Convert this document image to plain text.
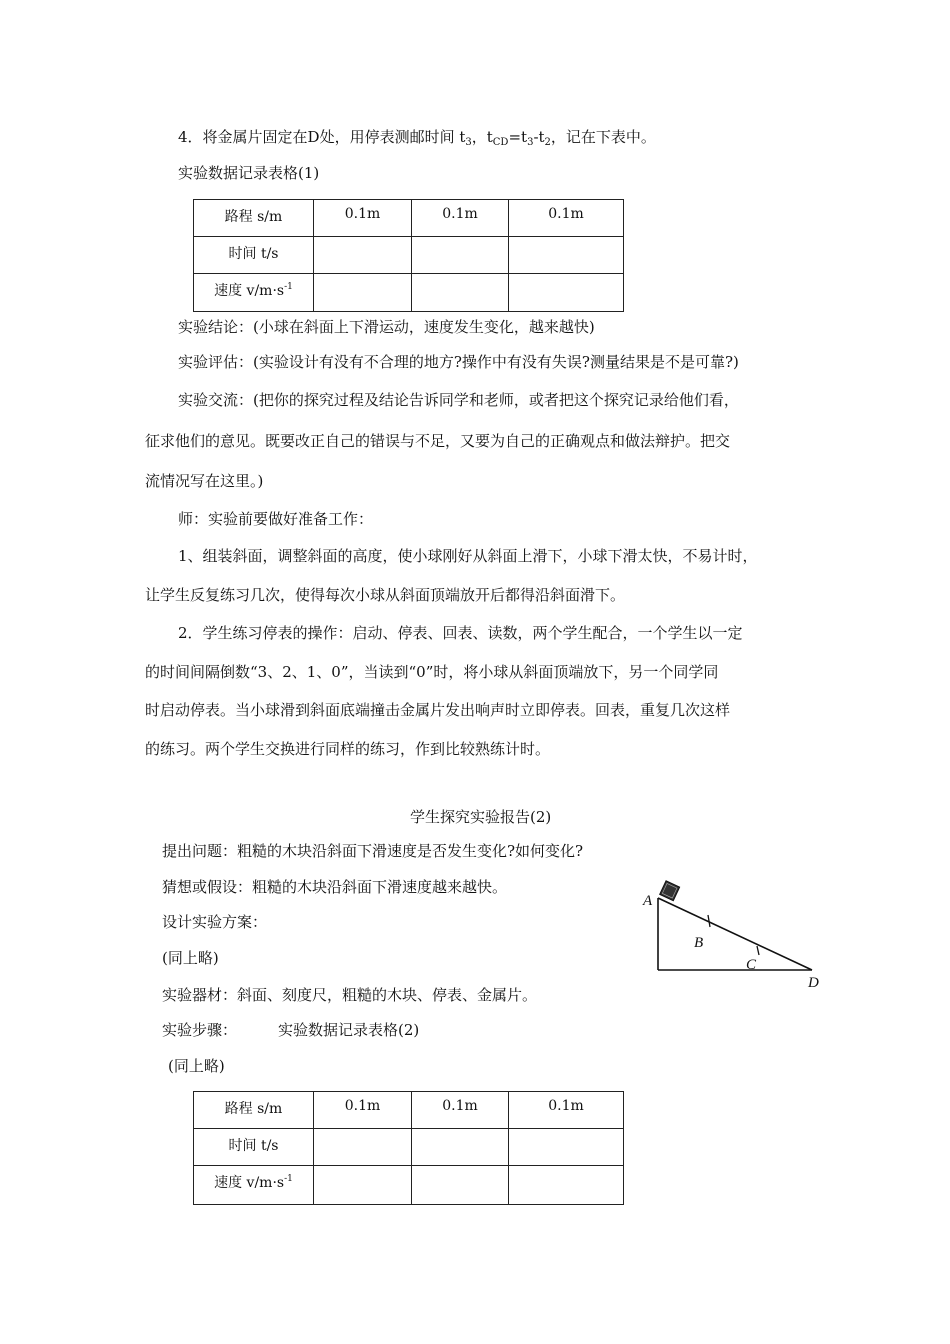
4．将金属片固定在D处，用停表测邮时间 $t_3$，$t_{CD}=t_3-t_2$，记在下表中。
实验数据记录表格(1)
路程 s/m	0.1m	0.1m	0.1m
时间 t/s			
速度 $v/m\cdot s^{-1}$			
实验结论：(小球在斜面上下滑运动，速度发生变化，越来越快)
实验评估：(实验设计有没有不合理的地方?操作中有没有失误?测量结果是不是可靠?)
实验交流：(把你的探究过程及结论告诉同学和老师，或者把这个探究记录给他们看，
征求他们的意见。既要改正自己的错误与不足，又要为自己的正确观点和做法辩护。把交
流情况写在这里。)
师：实验前要做好准备工作：
1、组装斜面，调整斜面的高度，使小球刚好从斜面上滑下，小球下滑太快，不易计时，
让学生反复练习几次，使得每次小球从斜面顶端放开后都得沿斜面滑下。
2．学生练习停表的操作：启动、停表、回表、读数，两个学生配合，一个学生以一定
的时间间隔倒数“3、2、1、0”，当读到“0”时，将小球从斜面顶端放下，另一个同学同
时启动停表。当小球滑到斜面底端撞击金属片发出响声时立即停表。回表，重复几次这样
的练习。两个学生交换进行同样的练习，作到比较熟练计时。
学生探究实验报告(2)
提出问题：粗糙的木块沿斜面下滑速度是否发生变化?如何变化?
猜想或假设：粗糙的木块沿斜面下滑速度越来越快。
设计实验方案：
(同上略)
实验器材：斜面、刻度尺，粗糙的木块、停表、金属片。
实验步骤：	实验数据记录表格(2)
(同上略)
A
B
C
D
路程 s/m	0.1m	0.1m	0.1m
时间 t/s			
速度 $v/m\cdot s^{-1}$			
